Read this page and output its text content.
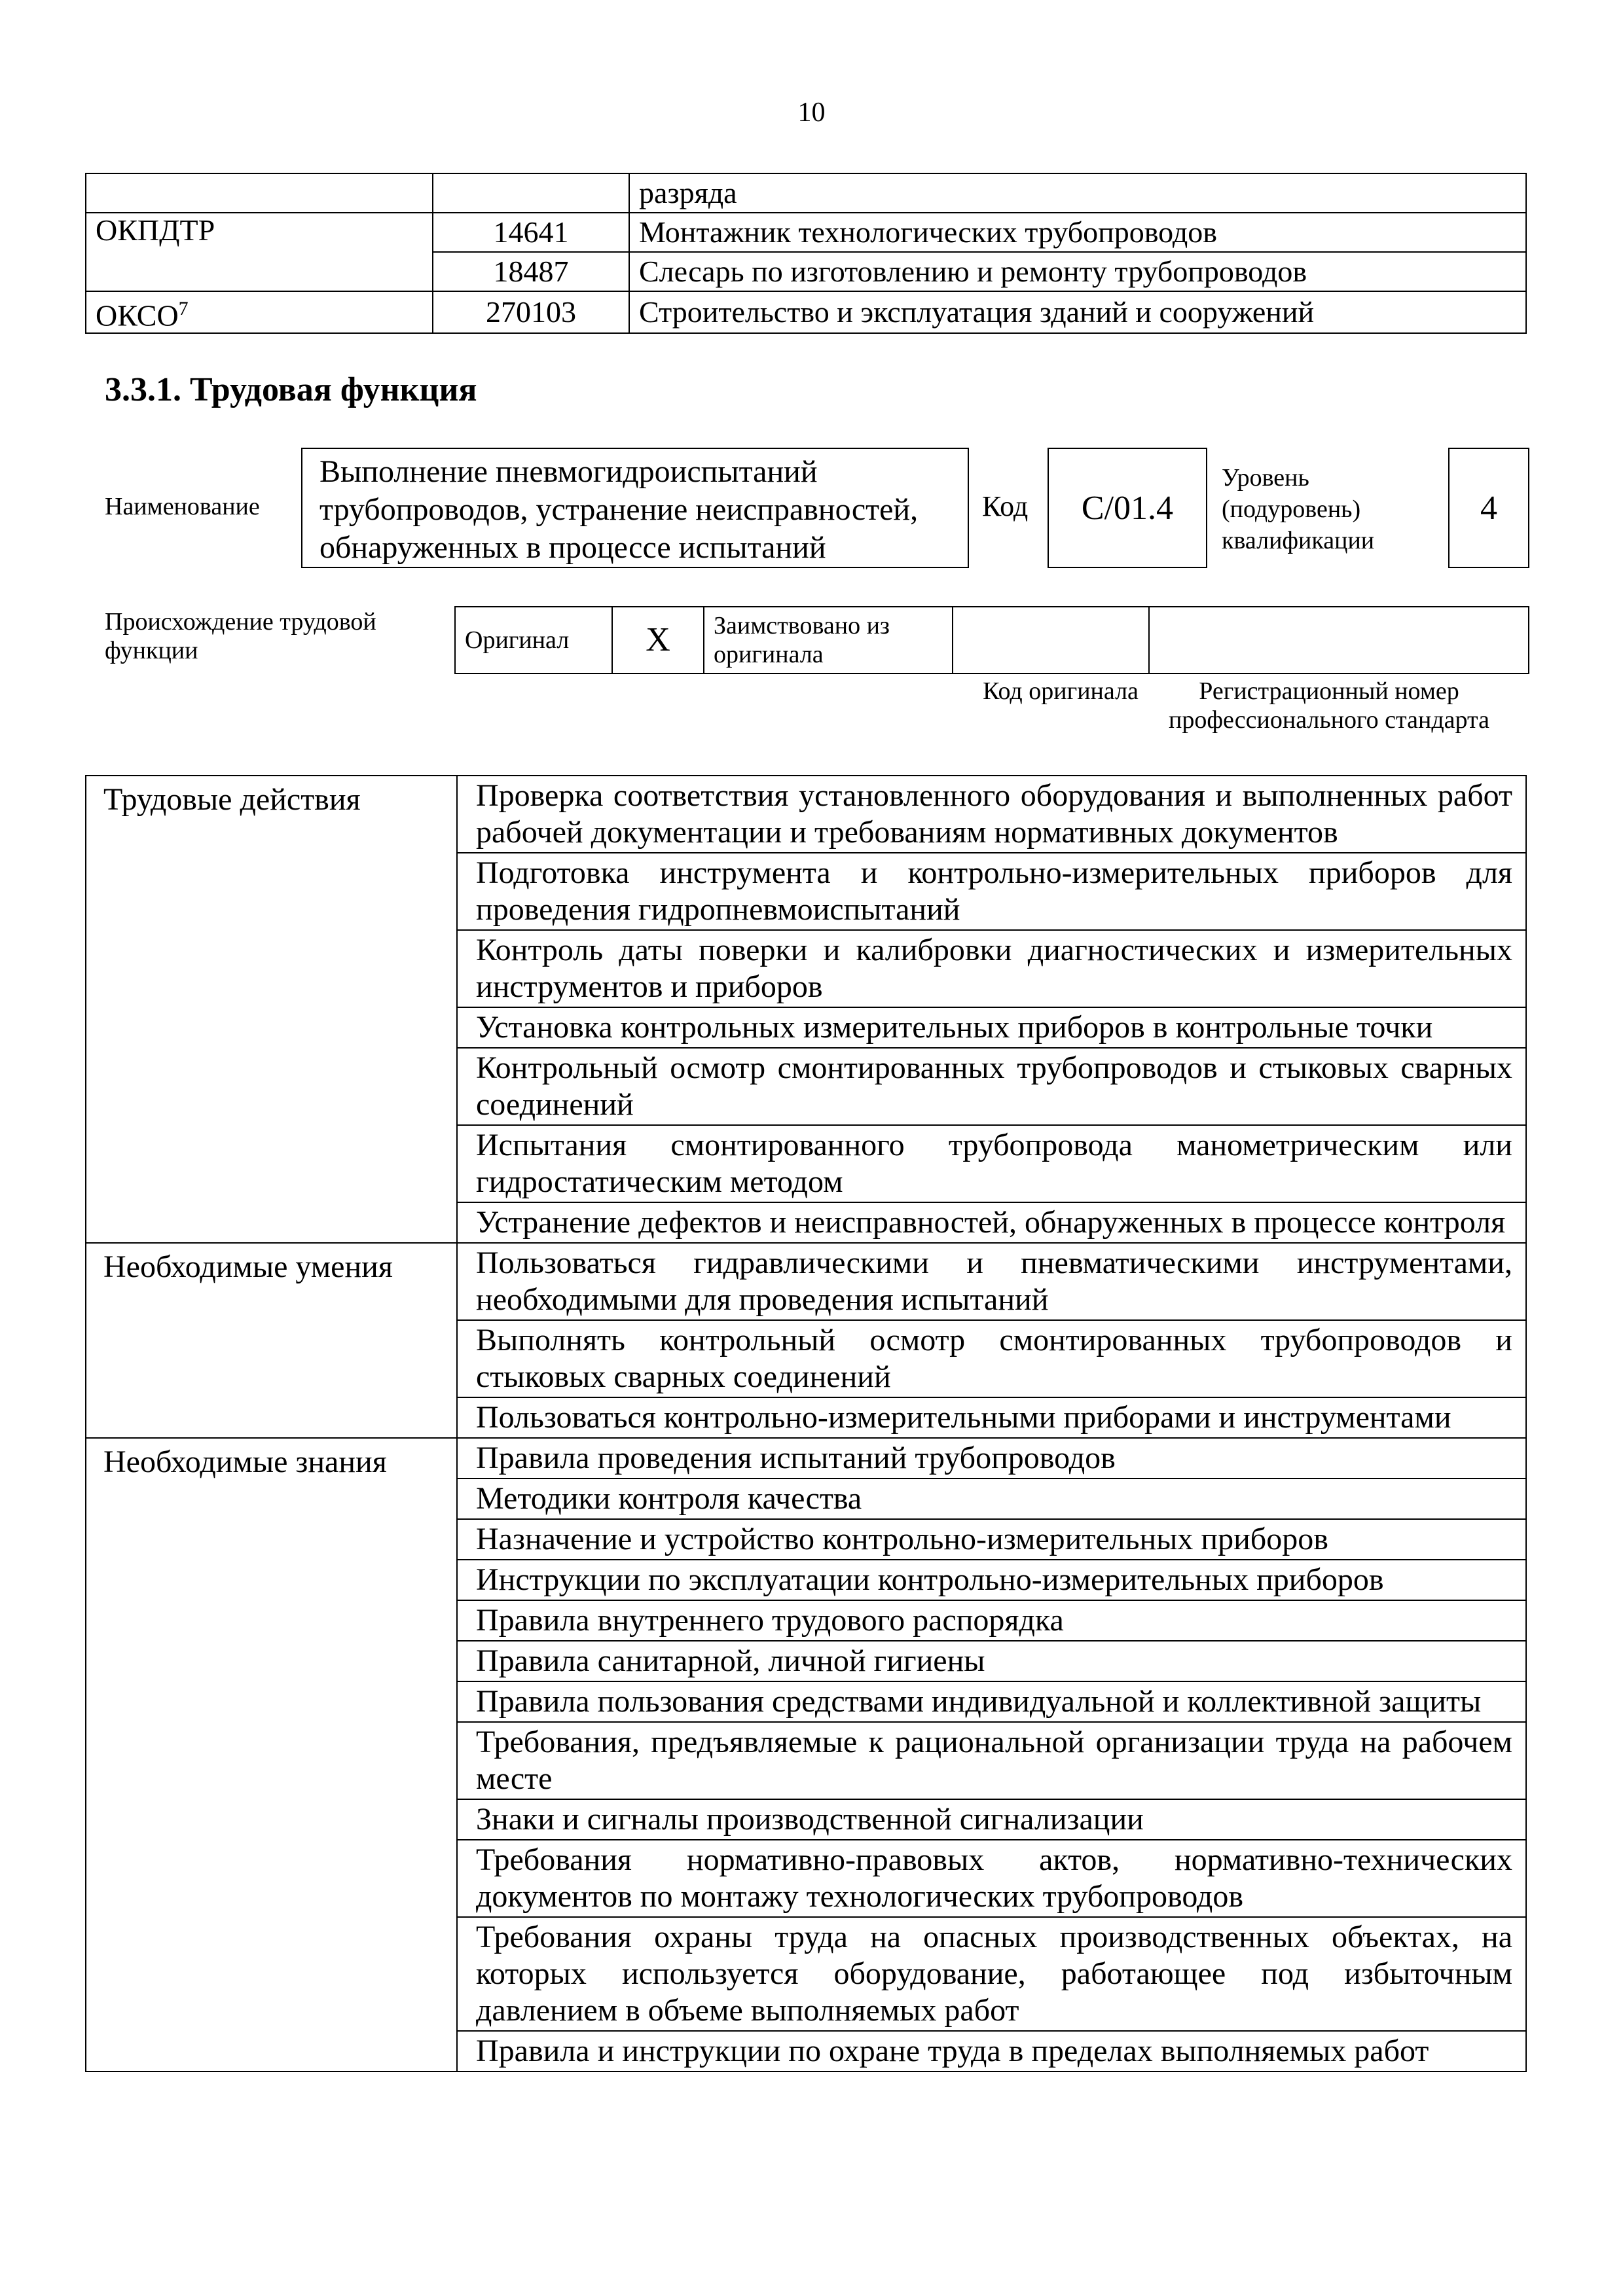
10
		разряда
ОКПДТР	14641	Монтажник технологических трубопроводов
	18487	Слесарь по изготовлению и ремонту трубопроводов
ОКСО$^7$	270103	Строительство и эксплуатация зданий и сооружений
3.3.1. Трудовая функция
Наименование
Выполнение пневмогидроиспытаний трубопроводов, устранение неисправностей, обнаруженных в процессе испытаний
Код	C/01.4
Уровень
(подуровень)
квалификации
4
Происхождение трудовой функции	Оригинал	X	Заимствовано из оригинала		
Код оригинала	Регистрационный номер профессионального стандарта
Трудовые действия	Проверка соответствия установленного оборудования и выполненных работ рабочей документации и требованиям нормативных документов
	Подготовка инструмента и контрольно-измерительных приборов для проведения гидропневмоиспытаний
	Контроль даты поверки и калибровки диагностических и измерительных инструментов и приборов
	Установка контрольных измерительных приборов в контрольные точки
	Контрольный осмотр смонтированных трубопроводов и стыковых сварных соединений
	Испытания смонтированного трубопровода манометрическим или гидростатическим методом
	Устранение дефектов и неисправностей, обнаруженных в процессе контроля
Необходимые умения	Пользоваться гидравлическими и пневматическими инструментами, необходимыми для проведения испытаний
	Выполнять контрольный осмотр смонтированных трубопроводов и стыковых сварных соединений
	Пользоваться контрольно-измерительными приборами и инструментами
Необходимые знания	Правила проведения испытаний трубопроводов
	Методики контроля качества
	Назначение и устройство контрольно-измерительных приборов
	Инструкции по эксплуатации контрольно-измерительных приборов
	Правила внутреннего трудового распорядка
	Правила санитарной, личной гигиены
	Правила пользования средствами индивидуальной и коллективной защиты
	Требования, предъявляемые к рациональной организации труда на рабочем месте
	Знаки и сигналы производственной сигнализации
	Требования нормативно-правовых актов, нормативно-технических документов по монтажу технологических трубопроводов
	Требования охраны труда на опасных производственных объектах, на которых используется оборудование, работающее под избыточным давлением в объеме выполняемых работ
	Правила и инструкции по охране труда в пределах выполняемых работ
